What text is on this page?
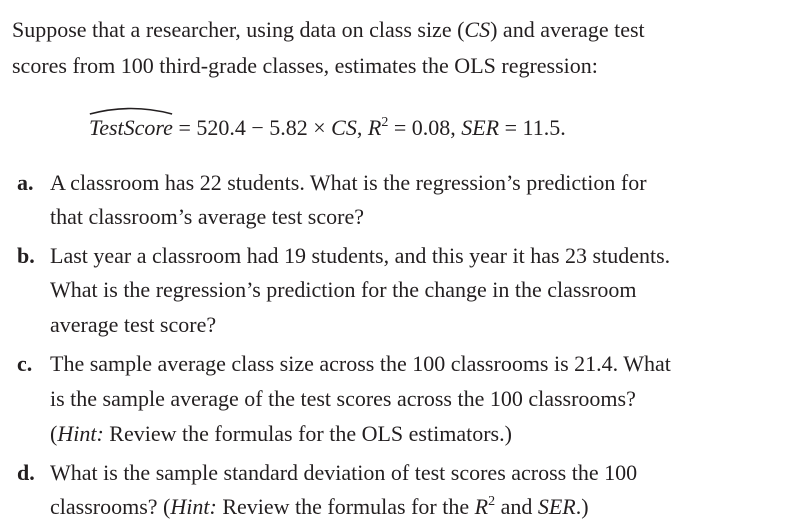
Suppose that a researcher, using data on class size (CS) and average test
scores from 100 third-grade classes, estimates the OLS regression:
TestScore = 520.4 − 5.82 × CS, $R^2 = 0.08$, SER = 11.5.
a. A classroom has 22 students. What is the regression’s prediction for
that classroom’s average test score?
b. Last year a classroom had 19 students, and this year it has 23 students.
What is the regression’s prediction for the change in the classroom
average test score?
c. The sample average class size across the 100 classrooms is 21.4. What
is the sample average of the test scores across the 100 classrooms?
(Hint: Review the formulas for the OLS estimators.)
d. What is the sample standard deviation of test scores across the 100
classrooms? (Hint: Review the formulas for the $R^2$ and SER.)
